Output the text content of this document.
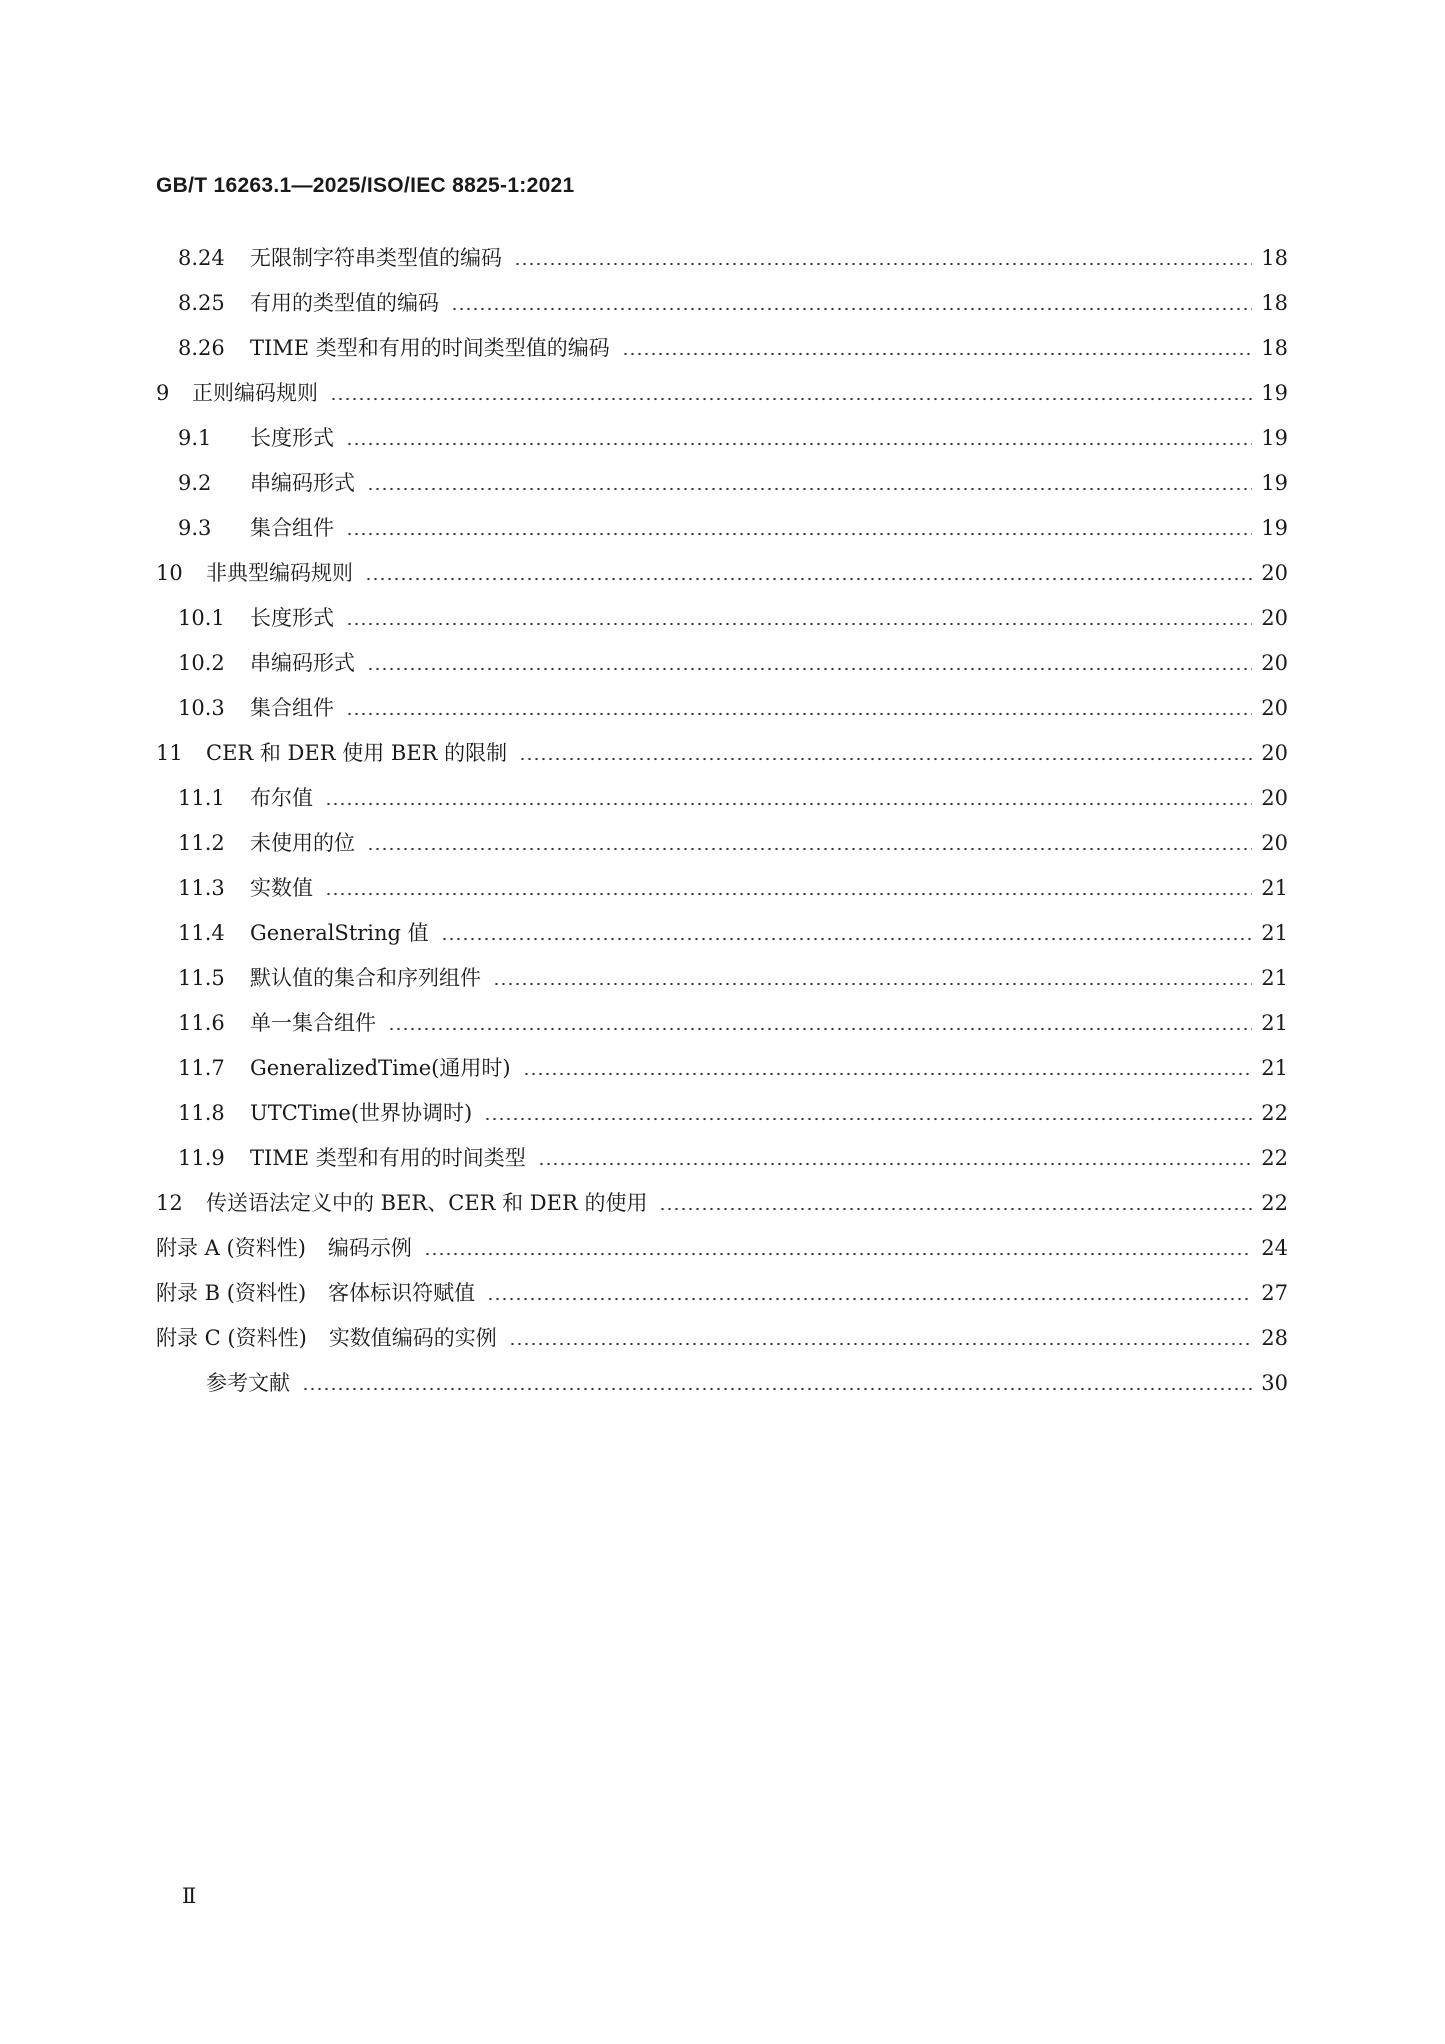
GB/T 16263.1—2025/ISO/IEC 8825-1:2021
8.24	无限制字符串类型值的编码	18
8.25	有用的类型值的编码	18
8.26	TIME 类型和有用的时间类型值的编码	18
9	正则编码规则	19
9.1	长度形式	19
9.2	串编码形式	19
9.3	集合组件	19
10	非典型编码规则	20
10.1	长度形式	20
10.2	串编码形式	20
10.3	集合组件	20
11	CER 和 DER 使用 BER 的限制	20
11.1	布尔值	20
11.2	未使用的位	20
11.3	实数值	21
11.4	GeneralString 值	21
11.5	默认值的集合和序列组件	21
11.6	单一集合组件	21
11.7	GeneralizedTime(通用时)	21
11.8	UTCTime(世界协调时)	22
11.9	TIME 类型和有用的时间类型	22
12	传送语法定义中的 BER、CER 和 DER 的使用	22
附录 A (资料性) 编码示例	24
附录 B (资料性) 客体标识符赋值	27
附录 C (资料性) 实数值编码的实例	28
参考文献	30
Ⅱ
